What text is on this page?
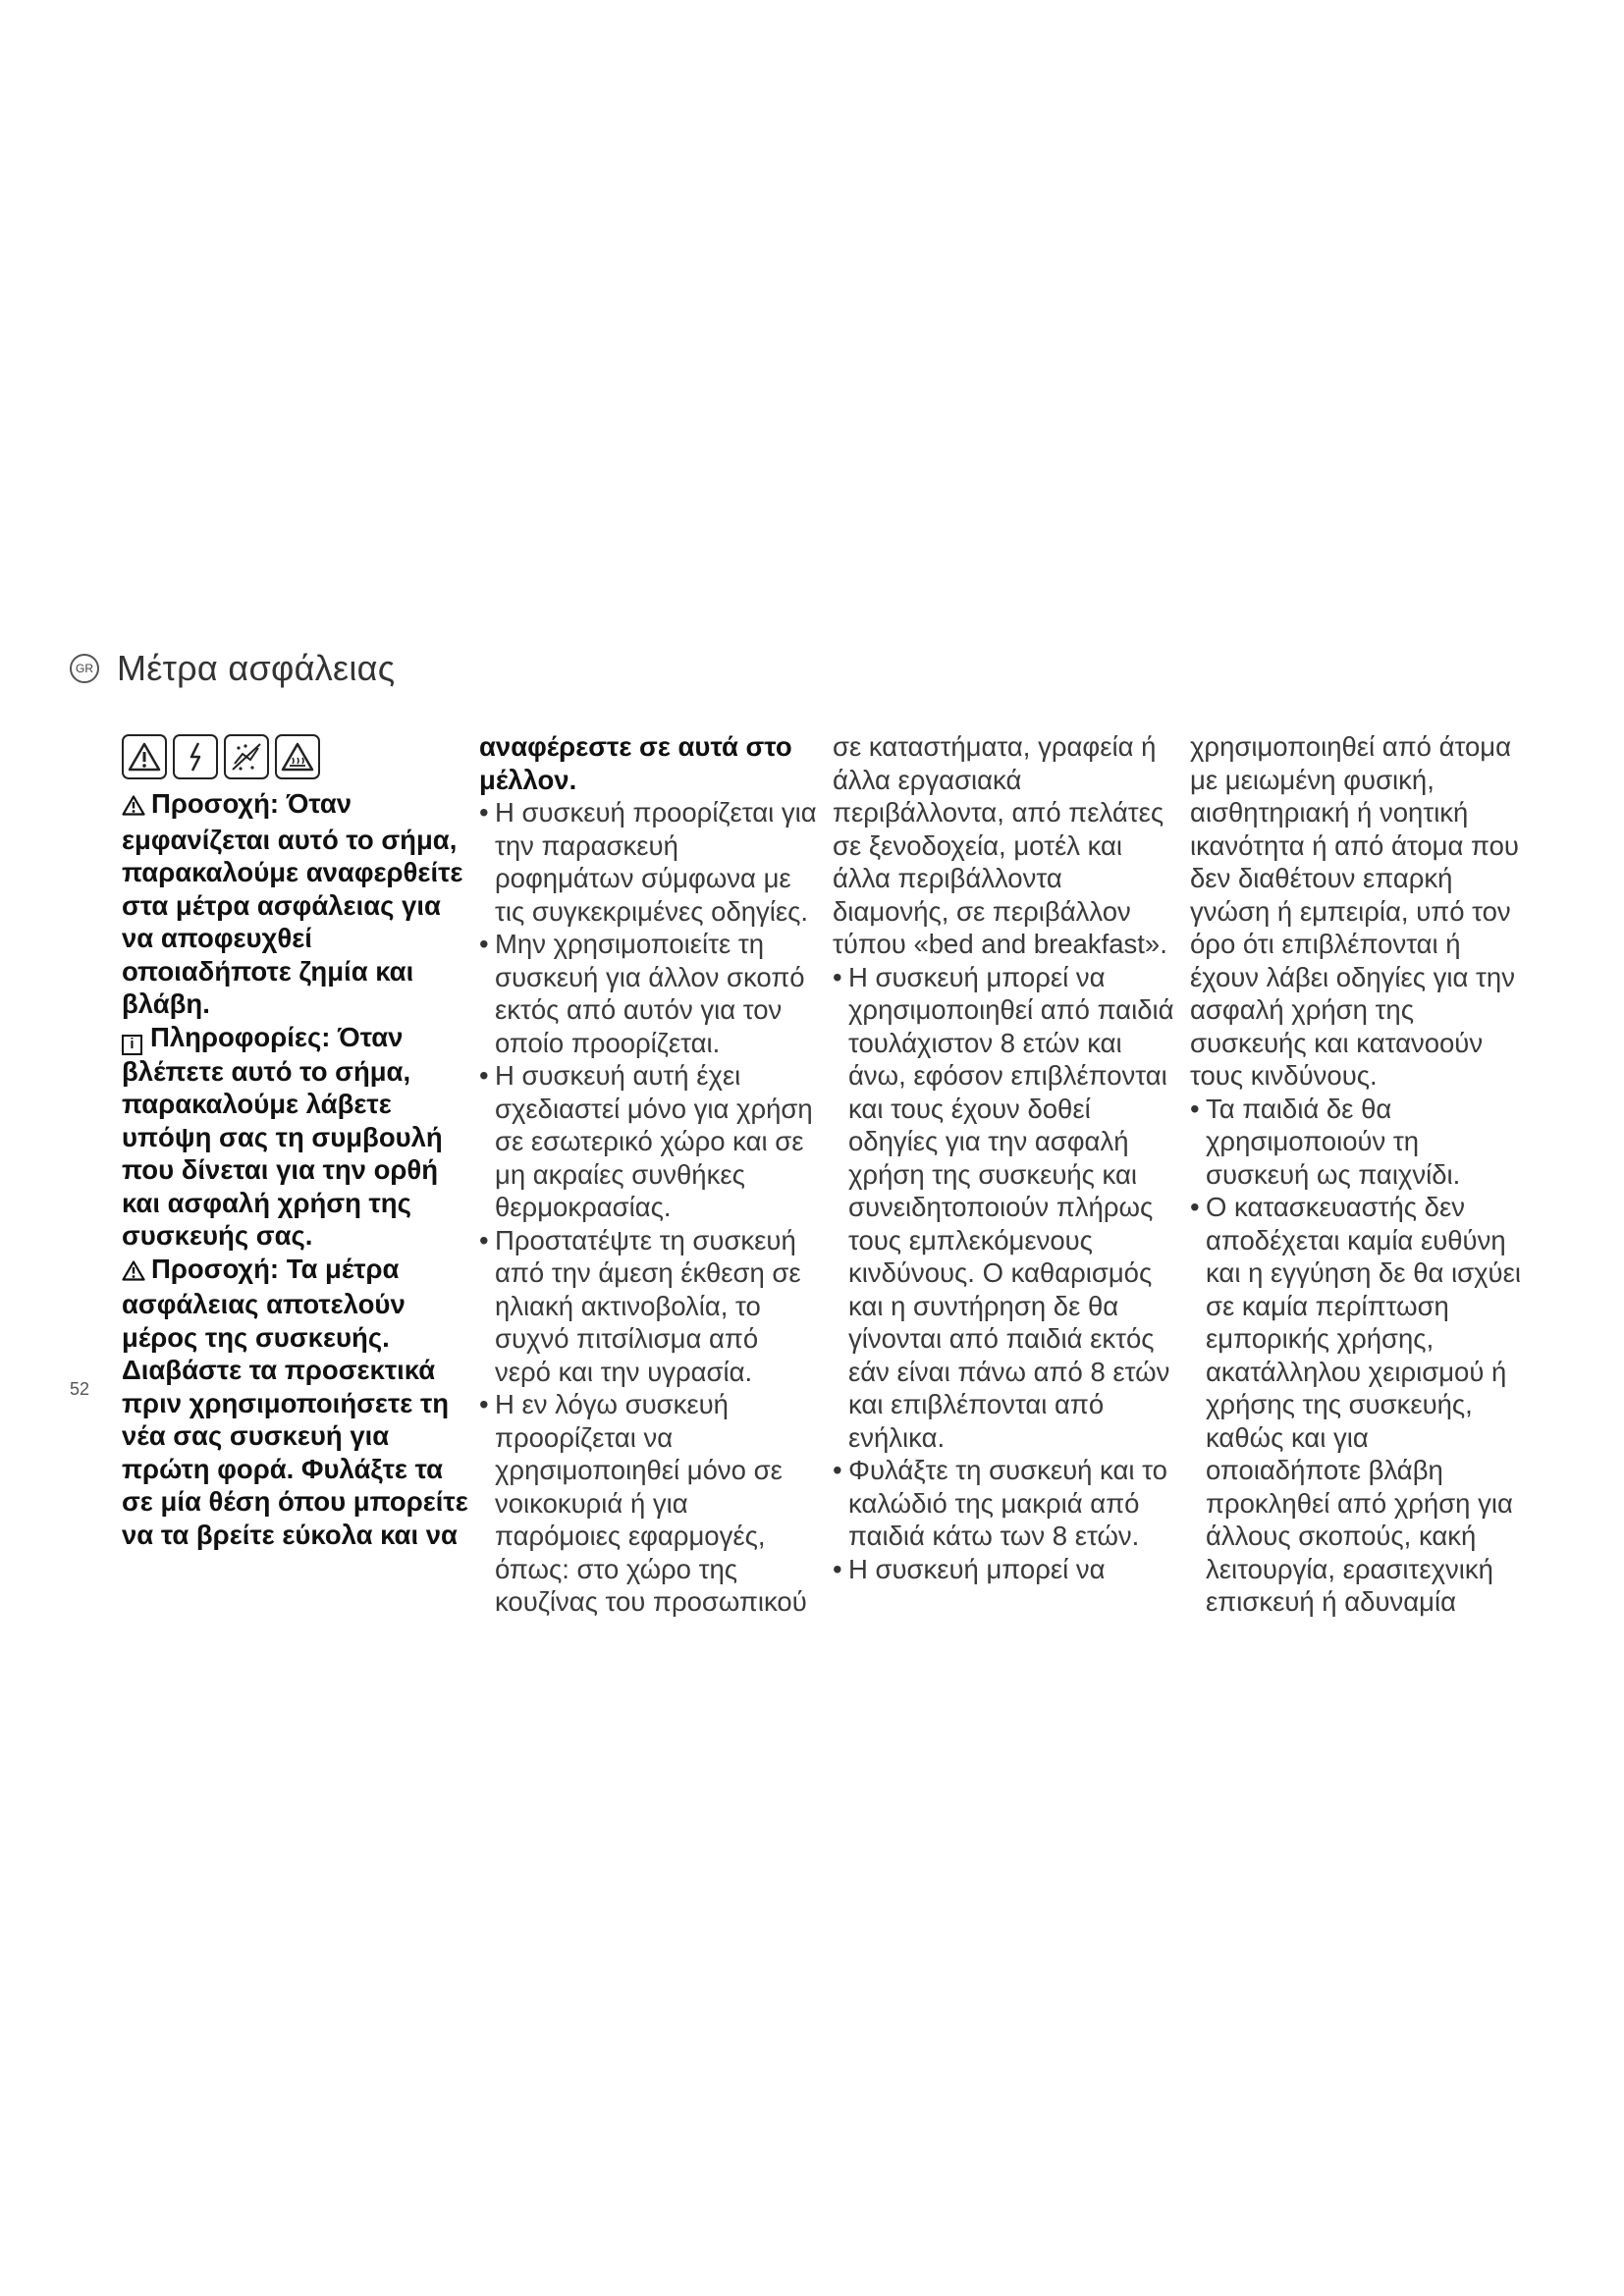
GR Μέτρα ασφάλειας

Προσοχή: Όταν εμφανίζεται αυτό το σήμα, παρακαλούμε αναφερθείτε στα μέτρα ασφάλειας για να αποφευχθεί οποιαδήποτε ζημία και βλάβη.

i Πληροφορίες: Όταν βλέπετε αυτό το σήμα, παρακαλούμε λάβετε υπόψη σας τη συμβουλή που δίνεται για την ορθή και ασφαλή χρήση της συσκευής σας.

Προσοχή: Τα μέτρα ασφάλειας αποτελούν μέρος της συσκευής. Διαβάστε τα προσεκτικά πριν χρησιμοποιήσετε τη νέα σας συσκευή για πρώτη φορά. Φυλάξτε τα σε μία θέση όπου μπορείτε να τα βρείτε εύκολα και να

αναφέρεστε σε αυτά στο μέλλον.

• Η συσκευή προορίζεται για την παρασκευή ροφημάτων σύμφωνα με τις συγκεκριμένες οδηγίες.

• Μην χρησιμοποιείτε τη συσκευή για άλλον σκοπό εκτός από αυτόν για τον οποίο προορίζεται.

• Η συσκευή αυτή έχει σχεδιαστεί μόνο για χρήση σε εσωτερικό χώρο και σε μη ακραίες συνθήκες θερμοκρασίας.

• Προστατέψτε τη συσκευή από την άμεση έκθεση σε ηλιακή ακτινοβολία, το συχνό πιτσίλισμα από νερό και την υγρασία.

• Η εν λόγω συσκευή προορίζεται να χρησιμοποιηθεί μόνο σε νοικοκυριά ή για παρόμοιες εφαρμογές, όπως: στο χώρο της κουζίνας του προσωπικού

σε καταστήματα, γραφεία ή άλλα εργασιακά περιβάλλοντα, από πελάτες σε ξενοδοχεία, μοτέλ και άλλα περιβάλλοντα διαμονής, σε περιβάλλον τύπου «bed and breakfast».

• Η συσκευή μπορεί να χρησιμοποιηθεί από παιδιά τουλάχιστον 8 ετών και άνω, εφόσον επιβλέπονται και τους έχουν δοθεί οδηγίες για την ασφαλή χρήση της συσκευής και συνειδητοποιούν πλήρως τους εμπλεκόμενους κινδύνους. Ο καθαρισμός και η συντήρηση δε θα γίνονται από παιδιά εκτός εάν είναι πάνω από 8 ετών και επιβλέπονται από ενήλικα.

• Φυλάξτε τη συσκευή και το καλώδιό της μακριά από παιδιά κάτω των 8 ετών.

• Η συσκευή μπορεί να

χρησιμοποιηθεί από άτομα με μειωμένη φυσική, αισθητηριακή ή νοητική ικανότητα ή από άτομα που δεν διαθέτουν επαρκή γνώση ή εμπειρία, υπό τον όρο ότι επιβλέπονται ή έχουν λάβει οδηγίες για την ασφαλή χρήση της συσκευής και κατανοούν τους κινδύνους.

• Τα παιδιά δε θα χρησιμοποιούν τη συσκευή ως παιχνίδι.

• Ο κατασκευαστής δεν αποδέχεται καμία ευθύνη και η εγγύηση δε θα ισχύει σε καμία περίπτωση εμπορικής χρήσης, ακατάλληλου χειρισμού ή χρήσης της συσκευής, καθώς και για οποιαδήποτε βλάβη προκληθεί από χρήση για άλλους σκοπούς, κακή λειτουργία, ερασιτεχνική επισκευή ή αδυναμία

52
